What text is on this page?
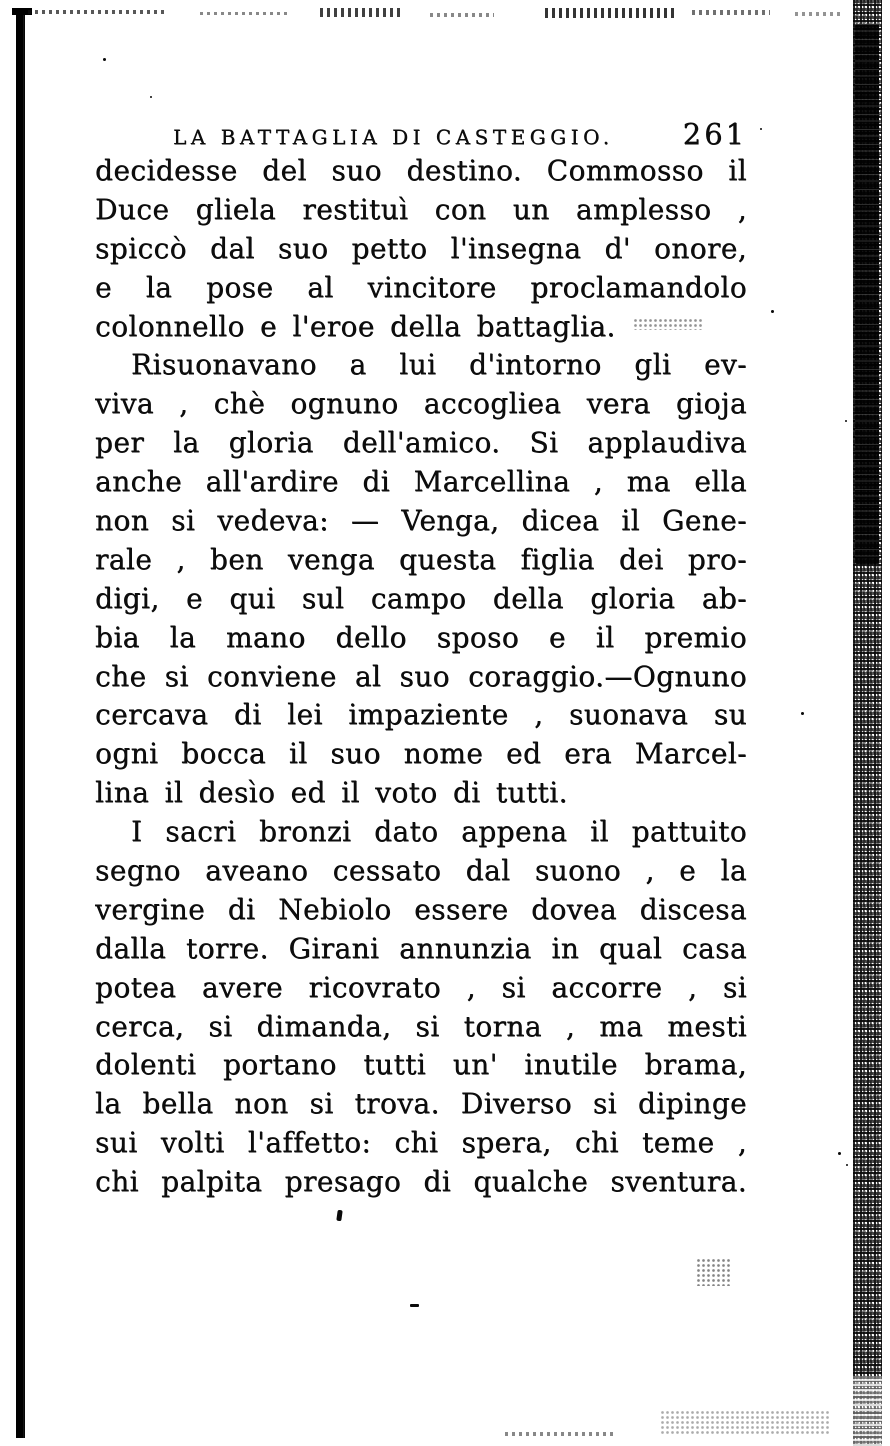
LA BATTAGLIA DI CASTEGGIO. 261
decidesse del suo destino. Commosso il
Duce gliela restituì con un amplesso ,
spiccò dal suo petto l'insegna d' onore,
e la pose al vincitore proclamandolo
colonnello e l'eroe della battaglia.
Risuonavano a lui d'intorno gli ev-
viva , chè ognuno accogliea vera gioja
per la gloria dell'amico. Si applaudiva
anche all'ardire di Marcellina , ma ella
non si vedeva: — Venga, dicea il Gene-
rale , ben venga questa figlia dei pro-
digi, e qui sul campo della gloria ab-
bia la mano dello sposo e il premio
che si conviene al suo coraggio.—Ognuno
cercava di lei impaziente , suonava su
ogni bocca il suo nome ed era Marcel-
lina il desìo ed il voto di tutti.
I sacri bronzi dato appena il pattuito
segno aveano cessato dal suono , e la
vergine di Nebiolo essere dovea discesa
dalla torre. Girani annunzia in qual casa
potea avere ricovrato , si accorre , si
cerca, si dimanda, si torna , ma mesti
dolenti portano tutti un' inutile brama,
la bella non si trova. Diverso si dipinge
sui volti l'affetto: chi spera, chi teme ,
chi palpita presago di qualche sventura.
